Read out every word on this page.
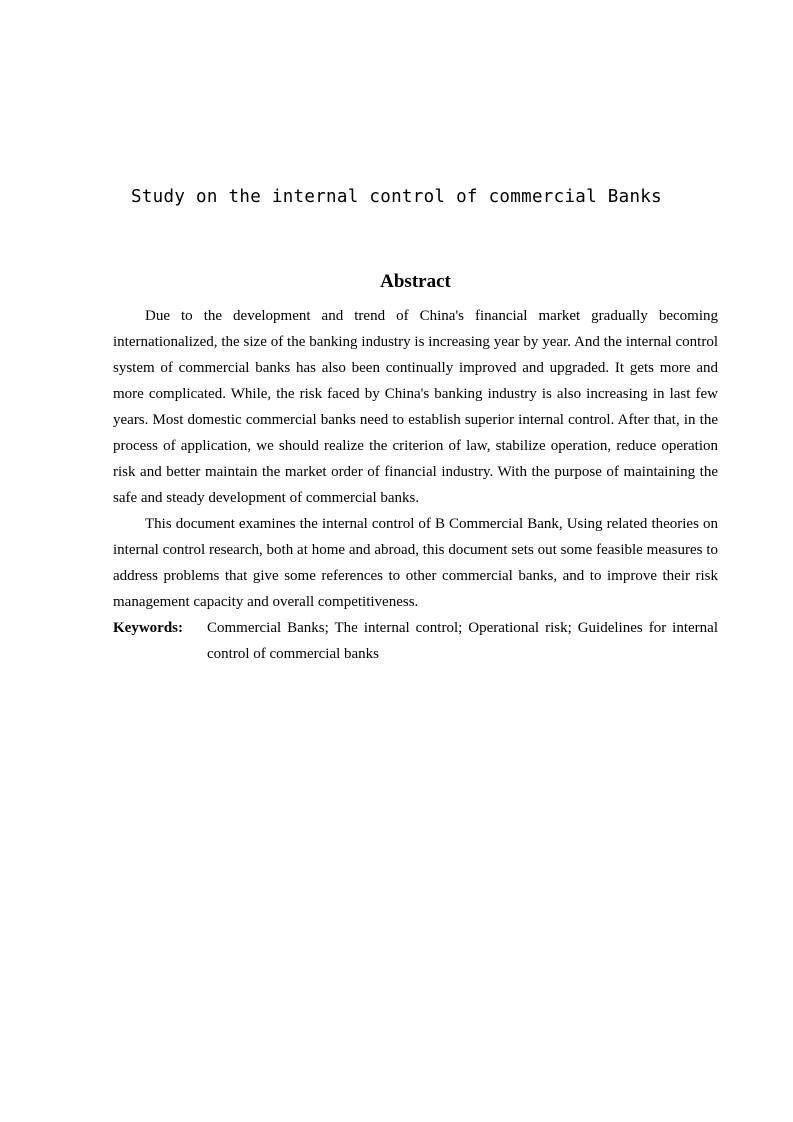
Study on the internal control of commercial Banks
Abstract

Due to the development and trend of China's financial market gradually becoming internationalized, the size of the banking industry is increasing year by year. And the internal control system of commercial banks has also been continually improved and upgraded. It gets more and more complicated. While, the risk faced by China's banking industry is also increasing in last few years. Most domestic commercial banks need to establish superior internal control. After that, in the process of application, we should realize the criterion of law, stabilize operation, reduce operation risk and better maintain the market order of financial industry. With the purpose of maintaining the safe and steady development of commercial banks.

This document examines the internal control of B Commercial Bank, Using related theories on internal control research, both at home and abroad, this document sets out some feasible measures to address problems that give some references to other commercial banks, and to improve their risk management capacity and overall competitiveness.

Keywords: Commercial Banks; The internal control; Operational risk; Guidelines for internal control of commercial banks
